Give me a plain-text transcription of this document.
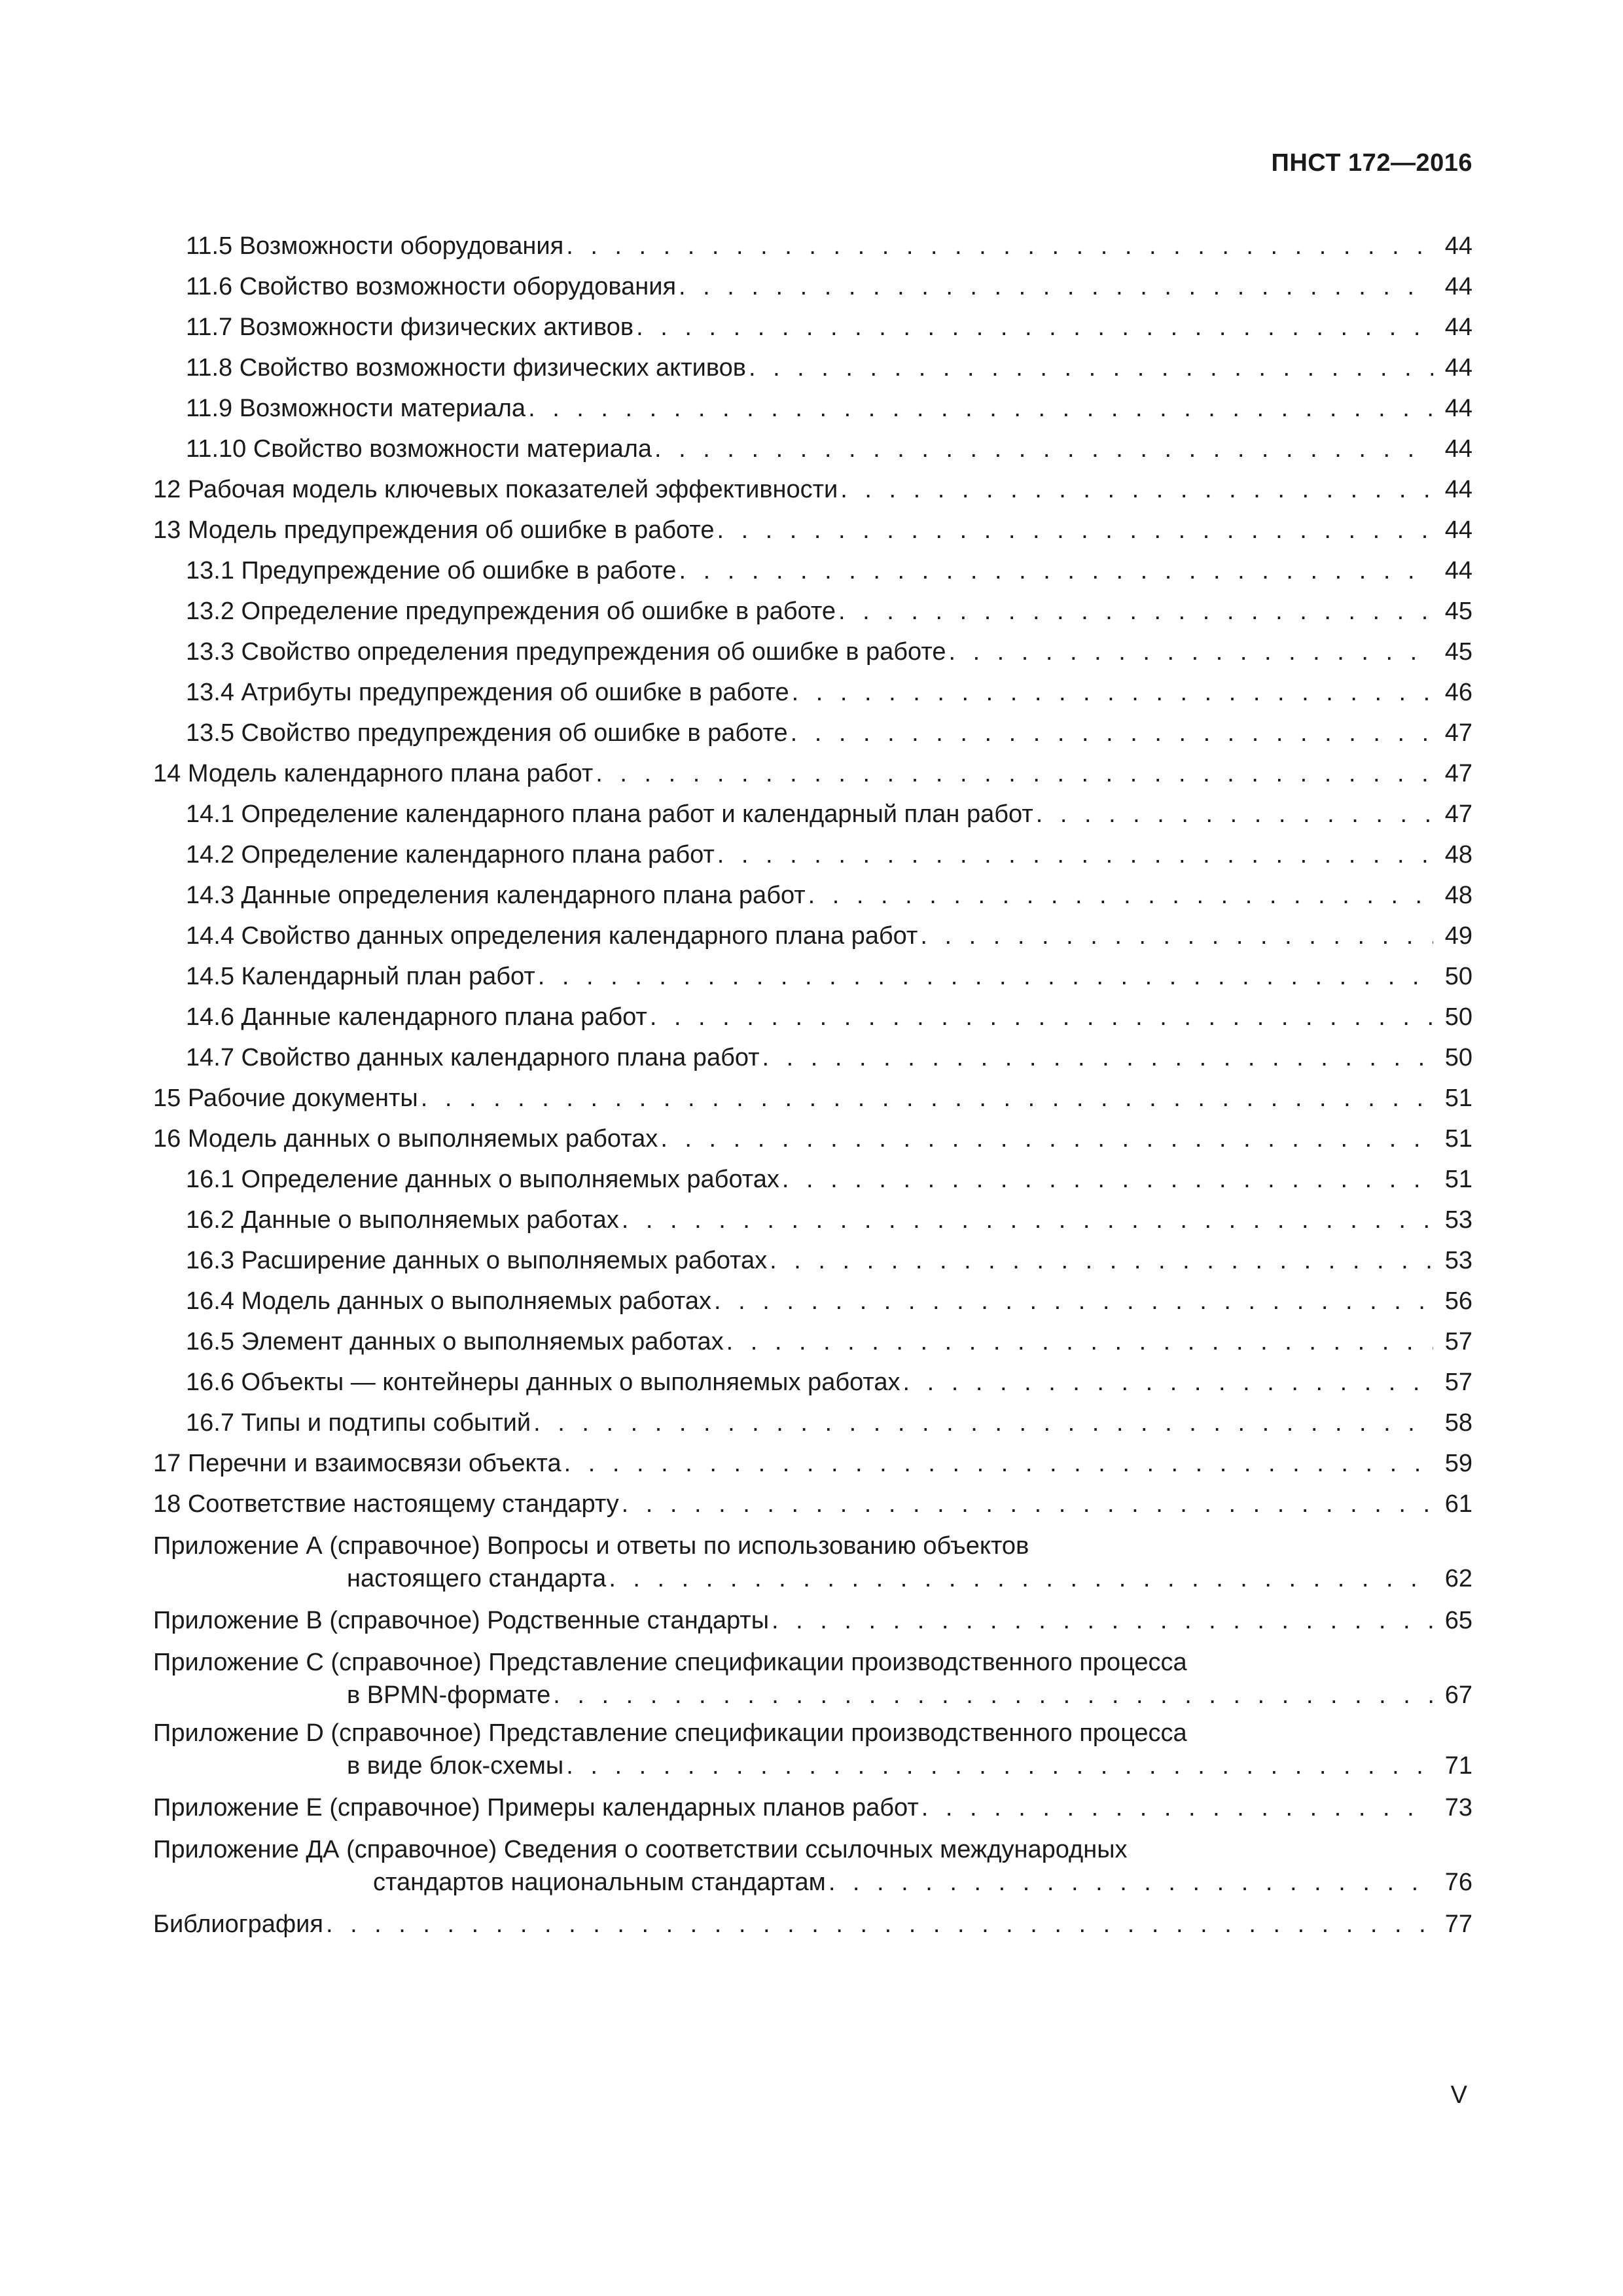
ПНСТ 172—2016
11.5 Возможности оборудования . . .	44
11.6 Свойство возможности оборудования . . .	44
11.7 Возможности физических активов . . .	44
11.8 Свойство возможности физических активов . . .	44
11.9 Возможности материала . . .	44
11.10 Свойство возможности материала . . .	44
12 Рабочая модель ключевых показателей эффективности . . .	44
13 Модель предупреждения об ошибке в работе . . .	44
13.1 Предупреждение об ошибке в работе . . .	44
13.2 Определение предупреждения об ошибке в работе . . .	45
13.3 Свойство определения предупреждения об ошибке в работе . . .	45
13.4 Атрибуты предупреждения об ошибке в работе . . .	46
13.5 Свойство предупреждения об ошибке в работе . . .	47
14 Модель календарного плана работ . . .	47
14.1 Определение календарного плана работ и календарный план работ . . .	47
14.2 Определение календарного плана работ . . .	48
14.3 Данные определения календарного плана работ . . .	48
14.4 Свойство данных определения календарного плана работ . . .	49
14.5 Календарный план работ . . .	50
14.6 Данные календарного плана работ . . .	50
14.7 Свойство данных календарного плана работ . . .	50
15 Рабочие документы . . .	51
16 Модель данных о выполняемых работах . . .	51
16.1 Определение данных о выполняемых работах . . .	51
16.2 Данные о выполняемых работах . . .	53
16.3 Расширение данных о выполняемых работах . . .	53
16.4 Модель данных о выполняемых работах . . .	56
16.5 Элемент данных о выполняемых работах . . .	57
16.6 Объекты — контейнеры данных о выполняемых работах . . .	57
16.7 Типы и подтипы событий . . .	58
17 Перечни и взаимосвязи объекта . . .	59
18 Соответствие настоящему стандарту . . .	61
Приложение А (справочное) Вопросы и ответы по использованию объектов
настоящего стандарта . . .	62
Приложение В (справочное) Родственные стандарты . . .	65
Приложение С (справочное) Представление спецификации производственного процесса
в BPMN-формате . . .	67
Приложение D (справочное) Представление спецификации производственного процесса
в виде блок-схемы . . .	71
Приложение Е (справочное) Примеры календарных планов работ . . .	73
Приложение ДА (справочное) Сведения о соответствии ссылочных международных
стандартов национальным стандартам . . .	76
Библиография . . .	77
V
